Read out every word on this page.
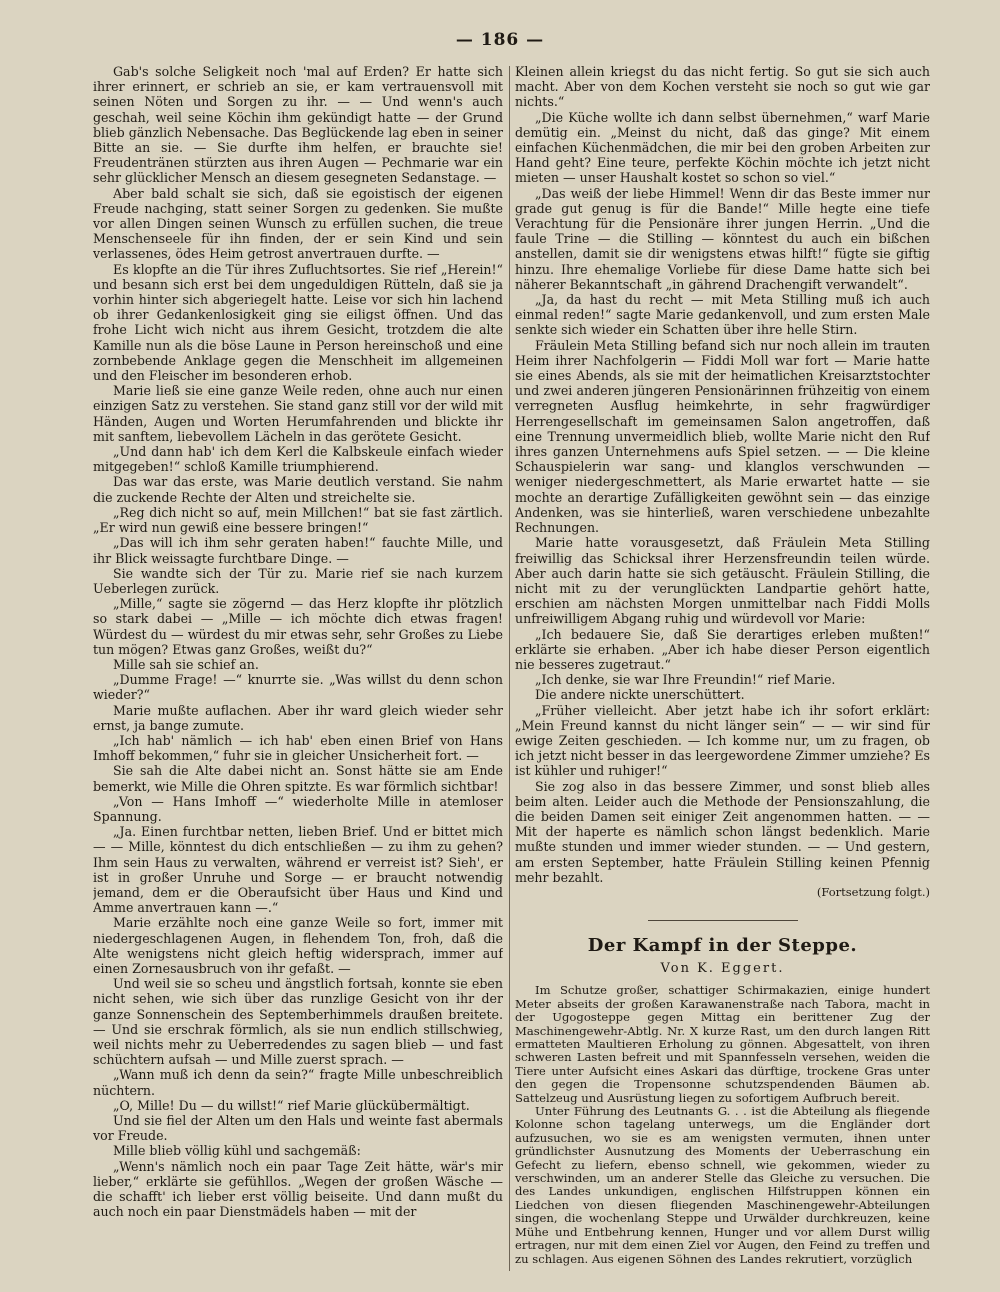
— 186 —

Gab's solche Seligkeit noch 'mal auf Erden? Er hatte sich ihrer erinnert, er schrieb an sie, er kam vertrauensvoll mit seinen Nöten und Sorgen zu ihr. — — Und wenn's auch geschah, weil seine Köchin ihm gekündigt hatte — der Grund blieb gänzlich Nebensache. Das Beglückende lag eben in seiner Bitte an sie. — Sie durfte ihm helfen, er brauchte sie! Freudentränen stürzten aus ihren Augen — Pechmarie war ein sehr glücklicher Mensch an diesem gesegneten Sedanstage. —

Aber bald schalt sie sich, daß sie egoistisch der eigenen Freude nachging, statt seiner Sorgen zu gedenken. Sie mußte vor allen Dingen seinen Wunsch zu erfüllen suchen, die treue Menschenseele für ihn finden, der er sein Kind und sein verlassenes, ödes Heim getrost anvertrauen durfte. —

Es klopfte an die Tür ihres Zufluchtsortes. Sie rief „Herein!“ und besann sich erst bei dem ungeduldigen Rütteln, daß sie ja vorhin hinter sich abgeriegelt hatte. Leise vor sich hin lachend ob ihrer Gedankenlosigkeit ging sie eiligst öffnen. Und das frohe Licht wich nicht aus ihrem Gesicht, trotzdem die alte Kamille nun als die böse Laune in Person hereinschoß und eine zornbebende Anklage gegen die Menschheit im allgemeinen und den Fleischer im besonderen erhob.

Marie ließ sie eine ganze Weile reden, ohne auch nur einen einzigen Satz zu verstehen. Sie stand ganz still vor der wild mit Händen, Augen und Worten Herumfahrenden und blickte ihr mit sanftem, liebevollem Lächeln in das gerötete Gesicht.

„Und dann hab' ich dem Kerl die Kalbskeule einfach wieder mitgegeben!“ schloß Kamille triumphierend.

Das war das erste, was Marie deutlich verstand. Sie nahm die zuckende Rechte der Alten und streichelte sie.

„Reg dich nicht so auf, mein Millchen!“ bat sie fast zärtlich. „Er wird nun gewiß eine bessere bringen!“

„Das will ich ihm sehr geraten haben!“ fauchte Mille, und ihr Blick weissagte furchtbare Dinge. —

Sie wandte sich der Tür zu. Marie rief sie nach kurzem Ueberlegen zurück.

„Mille,“ sagte sie zögernd — das Herz klopfte ihr plötzlich so stark dabei — „Mille — ich möchte dich etwas fragen! Würdest du — würdest du mir etwas sehr, sehr Großes zu Liebe tun mögen? Etwas ganz Großes, weißt du?“

Mille sah sie schief an.

„Dumme Frage! —“ knurrte sie. „Was willst du denn schon wieder?“

Marie mußte auflachen. Aber ihr ward gleich wieder sehr ernst, ja bange zumute.

„Ich hab' nämlich — ich hab' eben einen Brief von Hans Imhoff bekommen,“ fuhr sie in gleicher Unsicherheit fort. —

Sie sah die Alte dabei nicht an. Sonst hätte sie am Ende bemerkt, wie Mille die Ohren spitzte. Es war förmlich sichtbar!

„Von — Hans Imhoff —“ wiederholte Mille in atemloser Spannung.

„Ja. Einen furchtbar netten, lieben Brief. Und er bittet mich — — Mille, könntest du dich entschließen — zu ihm zu gehen? Ihm sein Haus zu verwalten, während er verreist ist? Sieh', er ist in großer Unruhe und Sorge — er braucht notwendig jemand, dem er die Oberaufsicht über Haus und Kind und Amme anvertrauen kann —.“

Marie erzählte noch eine ganze Weile so fort, immer mit niedergeschlagenen Augen, in flehendem Ton, froh, daß die Alte wenigstens nicht gleich heftig widersprach, immer auf einen Zornesausbruch von ihr gefaßt. —

Und weil sie so scheu und ängstlich fortsah, konnte sie eben nicht sehen, wie sich über das runzlige Gesicht von ihr der ganze Sonnenschein des Septemberhimmels draußen breitete. — Und sie erschrak förmlich, als sie nun endlich stillschwieg, weil nichts mehr zu Ueberredendes zu sagen blieb — und fast schüchtern aufsah — und Mille zuerst sprach. —

„Wann muß ich denn da sein?“ fragte Mille unbeschreiblich nüchtern.

„O, Mille! Du — du willst!“ rief Marie glückübermältigt.

Und sie fiel der Alten um den Hals und weinte fast abermals vor Freude.

Mille blieb völlig kühl und sachgemäß:

„Wenn's nämlich noch ein paar Tage Zeit hätte, wär's mir lieber,“ erklärte sie gefühllos. „Wegen der großen Wäsche — die schafft' ich lieber erst völlig beiseite. Und dann mußt du auch noch ein paar Dienstmädels haben — mit der

Kleinen allein kriegst du das nicht fertig. So gut sie sich auch macht. Aber von dem Kochen versteht sie noch so gut wie gar nichts.“

„Die Küche wollte ich dann selbst übernehmen,“ warf Marie demütig ein. „Meinst du nicht, daß das ginge? Mit einem einfachen Küchenmädchen, die mir bei den groben Arbeiten zur Hand geht? Eine teure, perfekte Köchin möchte ich jetzt nicht mieten — unser Haushalt kostet so schon so viel.“

„Das weiß der liebe Himmel! Wenn dir das Beste immer nur grade gut genug is für die Bande!“ Mille hegte eine tiefe Verachtung für die Pensionäre ihrer jungen Herrin. „Und die faule Trine — die Stilling — könntest du auch ein bißchen anstellen, damit sie dir wenigstens etwas hilft!“ fügte sie giftig hinzu. Ihre ehemalige Vorliebe für diese Dame hatte sich bei näherer Bekanntschaft „in gährend Drachengift verwandelt“.

„Ja, da hast du recht — mit Meta Stilling muß ich auch einmal reden!“ sagte Marie gedankenvoll, und zum ersten Male senkte sich wieder ein Schatten über ihre helle Stirn.

Fräulein Meta Stilling befand sich nur noch allein im trauten Heim ihrer Nachfolgerin — Fiddi Moll war fort — Marie hatte sie eines Abends, als sie mit der heimatlichen Kreisarztstochter und zwei anderen jüngeren Pensionärinnen frühzeitig von einem verregneten Ausflug heimkehrte, in sehr fragwürdiger Herrengesellschaft im gemeinsamen Salon angetroffen, daß eine Trennung unvermeidlich blieb, wollte Marie nicht den Ruf ihres ganzen Unternehmens aufs Spiel setzen. — — Die kleine Schauspielerin war sang- und klanglos verschwunden — weniger niedergeschmettert, als Marie erwartet hatte — sie mochte an derartige Zufälligkeiten gewöhnt sein — das einzige Andenken, was sie hinterließ, waren verschiedene unbezahlte Rechnungen.

Marie hatte vorausgesetzt, daß Fräulein Meta Stilling freiwillig das Schicksal ihrer Herzensfreundin teilen würde. Aber auch darin hatte sie sich getäuscht. Fräulein Stilling, die nicht mit zu der verunglückten Landpartie gehört hatte, erschien am nächsten Morgen unmittelbar nach Fiddi Molls unfreiwilligem Abgang ruhig und würdevoll vor Marie:

„Ich bedauere Sie, daß Sie derartiges erleben mußten!“ erklärte sie erhaben. „Aber ich habe dieser Person eigentlich nie besseres zugetraut.“

„Ich denke, sie war Ihre Freundin!“ rief Marie.

Die andere nickte unerschüttert.

„Früher vielleicht. Aber jetzt habe ich ihr sofort erklärt: „Mein Freund kannst du nicht länger sein“ — — wir sind für ewige Zeiten geschieden. — Ich komme nur, um zu fragen, ob ich jetzt nicht besser in das leergewordene Zimmer umziehe? Es ist kühler und ruhiger!“

Sie zog also in das bessere Zimmer, und sonst blieb alles beim alten. Leider auch die Methode der Pensionszahlung, die die beiden Damen seit einiger Zeit angenommen hatten. — — Mit der haperte es nämlich schon längst bedenklich. Marie mußte stunden und immer wieder stunden. — — Und gestern, am ersten September, hatte Fräulein Stilling keinen Pfennig mehr bezahlt.

(Fortsetzung folgt.)

Der Kampf in der Steppe.
Von K. Eggert.

Im Schutze großer, schattiger Schirmakazien, einige hundert Meter abseits der großen Karawanenstraße nach Tabora, macht in der Ugogosteppe gegen Mittag ein berittener Zug der Maschinengewehr-Abtlg. Nr. X kurze Rast, um den durch langen Ritt ermatteten Maultieren Erholung zu gönnen. Abgesattelt, von ihren schweren Lasten befreit und mit Spannfesseln versehen, weiden die Tiere unter Aufsicht eines Askari das dürftige, trockene Gras unter den gegen die Tropensonne schutzspendenden Bäumen ab. Sattelzeug und Ausrüstung liegen zu sofortigem Aufbruch bereit.

Unter Führung des Leutnants G. . . ist die Abteilung als fliegende Kolonne schon tagelang unterwegs, um die Engländer dort aufzusuchen, wo sie es am wenigsten vermuten, ihnen unter gründlichster Ausnutzung des Moments der Ueberraschung ein Gefecht zu liefern, ebenso schnell, wie gekommen, wieder zu verschwinden, um an anderer Stelle das Gleiche zu versuchen. Die des Landes unkundigen, englischen Hilfstruppen können ein Liedchen von diesen fliegenden Maschinengewehr-Abteilungen singen, die wochenlang Steppe und Urwälder durchkreuzen, keine Mühe und Entbehrung kennen, Hunger und vor allem Durst willig ertragen, nur mit dem einen Ziel vor Augen, den Feind zu treffen und zu schlagen. Aus eigenen Söhnen des Landes rekrutiert, vorzüglich
